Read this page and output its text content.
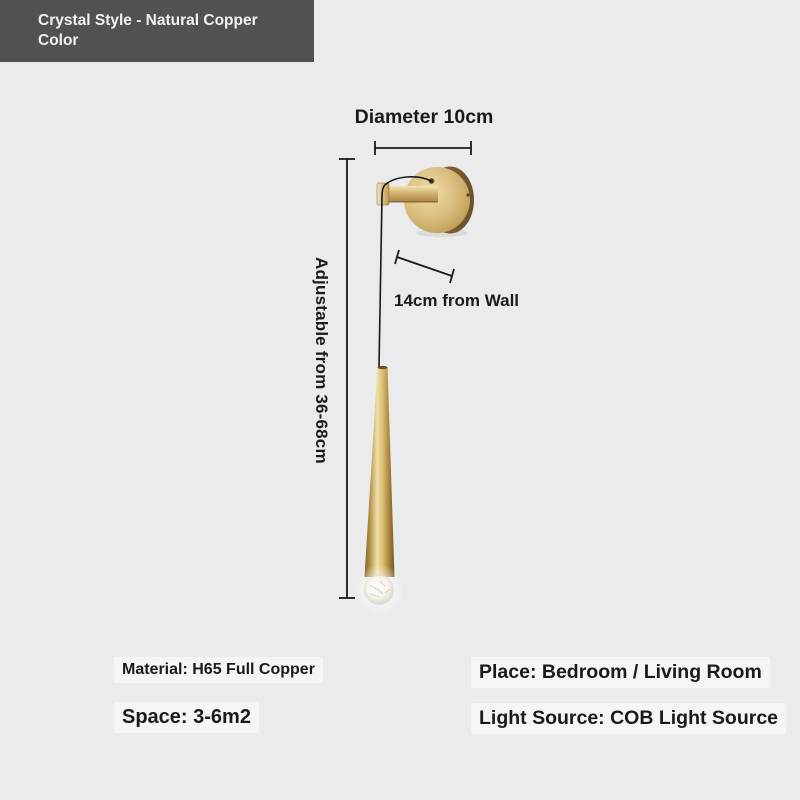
Crystal Style - Natural Copper Color
Diameter 10cm
Adjustable from 36-68cm	14cm from Wall
Material: H65 Full Copper
Space: 3-6m2
Place: Bedroom / Living Room
Light Source: COB Light Source
